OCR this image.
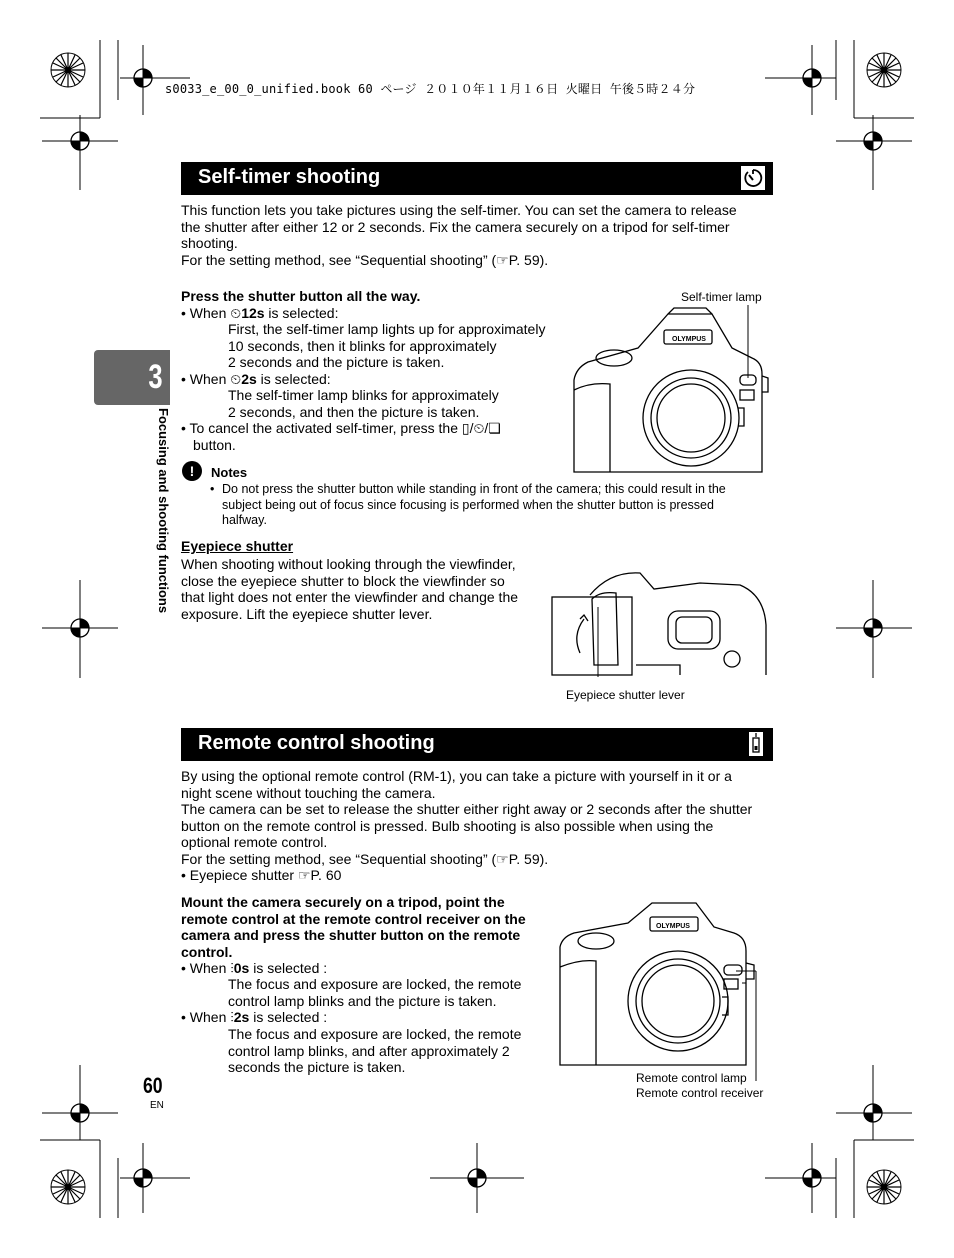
s0033_e_00_0_unified.book 60 ページ ２０１０年１１月１６日 火曜日 午後５時２４分
3
Focusing and shooting functions
Self-timer shooting
This function lets you take pictures using the self-timer. You can set the camera to release
the shutter after either 12 or 2 seconds. Fix the camera securely on a tripod for self-timer
shooting.
For the setting method, see “Sequential shooting” (☞P. 59).
Press the shutter button all the way.
• When ⏲12s is selected:
First, the self-timer lamp lights up for approximately
10 seconds, then it blinks for approximately
2 seconds and the picture is taken.
• When ⏲2s is selected:
The self-timer lamp blinks for approximately
2 seconds, and then the picture is taken.
• To cancel the activated self-timer, press the ▯/⏲/❏
button.
OLYMPUS
Self-timer lamp
!	Notes
• Do not press the shutter button while standing in front of the camera; this could result in the
subject being out of focus since focusing is performed when the shutter button is pressed
halfway.
Eyepiece shutter
When shooting without looking through the viewfinder,
close the eyepiece shutter to block the viewfinder so
that light does not enter the viewfinder and change the
exposure. Lift the eyepiece shutter lever.
Eyepiece shutter lever
Remote control shooting
By using the optional remote control (RM-1), you can take a picture with yourself in it or a
night scene without touching the camera.
The camera can be set to release the shutter either right away or 2 seconds after the shutter
button on the remote control is pressed. Bulb shooting is also possible when using the
optional remote control.
For the setting method, see “Sequential shooting” (☞P. 59).
• Eyepiece shutter ☞P. 60
Mount the camera securely on a tripod, point the
remote control at the remote control receiver on the
camera and press the shutter button on the remote
control.
• When ⫶0s is selected :
The focus and exposure are locked, the remote
control lamp blinks and the picture is taken.
• When ⫶2s is selected :
The focus and exposure are locked, the remote
control lamp blinks, and after approximately 2
seconds the picture is taken.
OLYMPUS
Remote control lamp
Remote control receiver
60
EN
